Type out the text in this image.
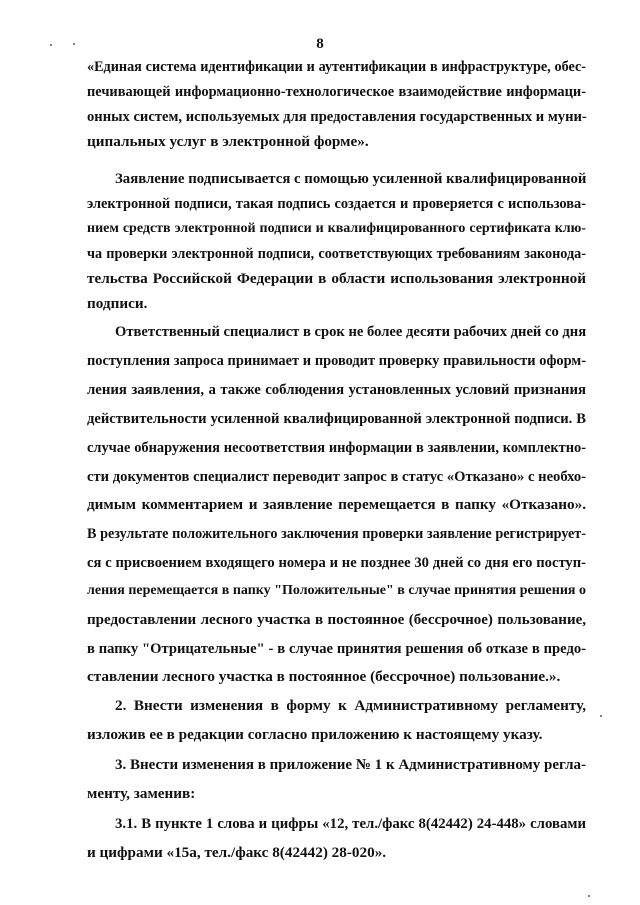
8
«Единая система идентификации и аутентификации в инфраструктуре, обес-
печивающей информационно-технологическое взаимодействие информаци-
онных систем, используемых для предоставления государственных и муни-
ципальных услуг в электронной форме».
Заявление подписывается с помощью усиленной квалифицированной
электронной подписи, такая подпись создается и проверяется с использова-
нием средств электронной подписи и квалифицированного сертификата клю-
ча проверки электронной подписи, соответствующих требованиям законода-
тельства Российской Федерации в области использования электронной
подписи.
Ответственный специалист в срок не более десяти рабочих дней со дня
поступления запроса принимает и проводит проверку правильности оформ-
ления заявления, а также соблюдения установленных условий признания
действительности усиленной квалифицированной электронной подписи. В
случае обнаружения несоответствия информации в заявлении, комплектно-
сти документов специалист переводит запрос в статус «Отказано» с необхо-
димым комментарием и заявление перемещается в папку «Отказано».
В результате положительного заключения проверки заявление регистрирует-
ся с присвоением входящего номера и не позднее 30 дней со дня его поступ-
ления перемещается в папку "Положительные" в случае принятия решения о
предоставлении лесного участка в постоянное (бессрочное) пользование,
в папку "Отрицательные" - в случае принятия решения об отказе в предо-
ставлении лесного участка в постоянное (бессрочное) пользование.».
2. Внести изменения в форму к Административному регламенту,
изложив ее в редакции согласно приложению к настоящему указу.
3. Внести изменения в приложение № 1 к Административному регла-
менту, заменив:
3.1. В пункте 1 слова и цифры «12, тел./факс 8(42442) 24-448» словами
и цифрами «15а, тел./факс 8(42442) 28-020».
